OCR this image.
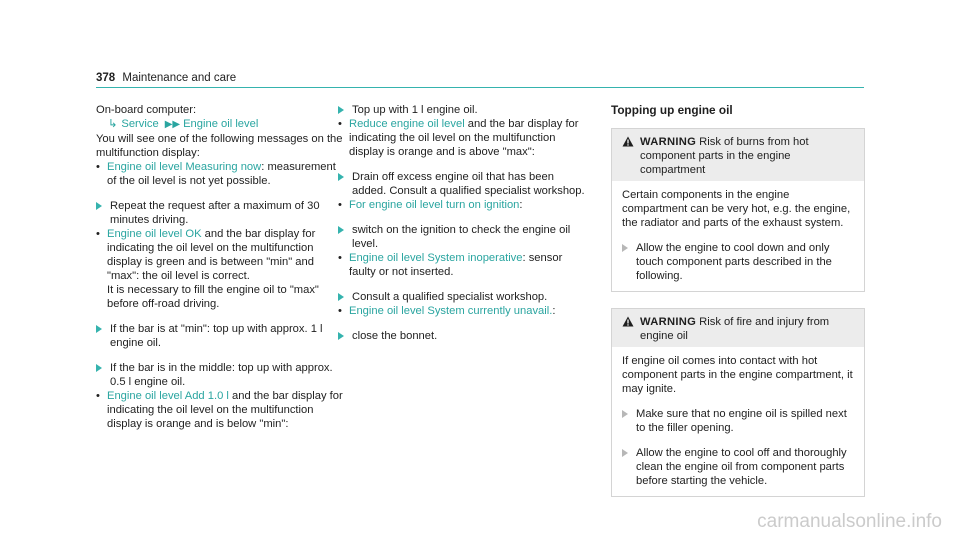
378 Maintenance and care

On-board computer:

↳ Service ▶▶ Engine oil level

You will see one of the following messages on the multifunction display:

• Engine oil level Measuring now: measurement of the oil level is not yet possible.
Repeat the request after a maximum of 30 minutes driving.
• Engine oil level OK and the bar display for indicating the oil level on the multifunction display is green and is between "min" and "max": the oil level is correct.

It is necessary to fill the engine oil to "max" before off-road driving.

If the bar is at "min": top up with approx. 1 l engine oil.
If the bar is in the middle: top up with approx. 0.5 l engine oil.
• Engine oil level Add 1.0 l and the bar display for indicating the oil level on the multifunction display is orange and is below "min":
Top up with 1 l engine oil.
• Reduce engine oil level and the bar display for indicating the oil level on the multifunction display is orange and is above "max":
Drain off excess engine oil that has been added. Consult a qualified specialist workshop.
• For engine oil level turn on ignition:
switch on the ignition to check the engine oil level.
• Engine oil level System inoperative: sensor faulty or not inserted.
Consult a qualified specialist workshop.
• Engine oil level System currently unavail.:
close the bonnet.

Topping up engine oil

WARNING Risk of burns from hot component parts in the engine compartment

Certain components in the engine compartment can be very hot, e.g. the engine, the radiator and parts of the exhaust system.

Allow the engine to cool down and only touch component parts described in the following.
WARNING Risk of fire and injury from engine oil

If engine oil comes into contact with hot component parts in the engine compartment, it may ignite.

Make sure that no engine oil is spilled next to the filler opening.
Allow the engine to cool off and thoroughly clean the engine oil from component parts before starting the vehicle.
carmanualsonline.info
